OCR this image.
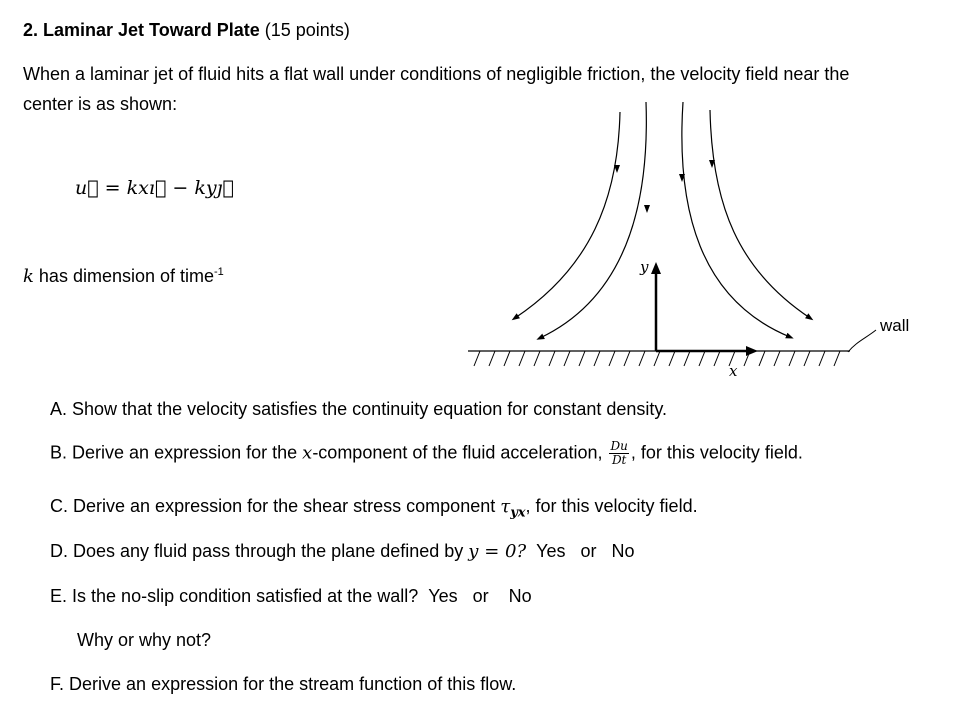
2. Laminar Jet Toward Plate (15 points)
When a laminar jet of fluid hits a flat wall under conditions of negligible friction, the velocity field near the
center is as shown:
u⃗ = kxı⃗ − kyȷ⃗
k has dimension of time$^{-1}$	y
x
wall
A. Show that the velocity satisfies the continuity equation for constant density.
B. Derive an expression for the x-component of the fluid acceleration, $\frac{Du}{Dt}$ , for this velocity field.
C. Derive an expression for the shear stress component $\tau_{yx}$, for this velocity field.
D. Does any fluid pass through the plane defined by y = 0? Yes or No
E. Is the no-slip condition satisfied at the wall? Yes or No
Why or why not?
F. Derive an expression for the stream function of this flow.
